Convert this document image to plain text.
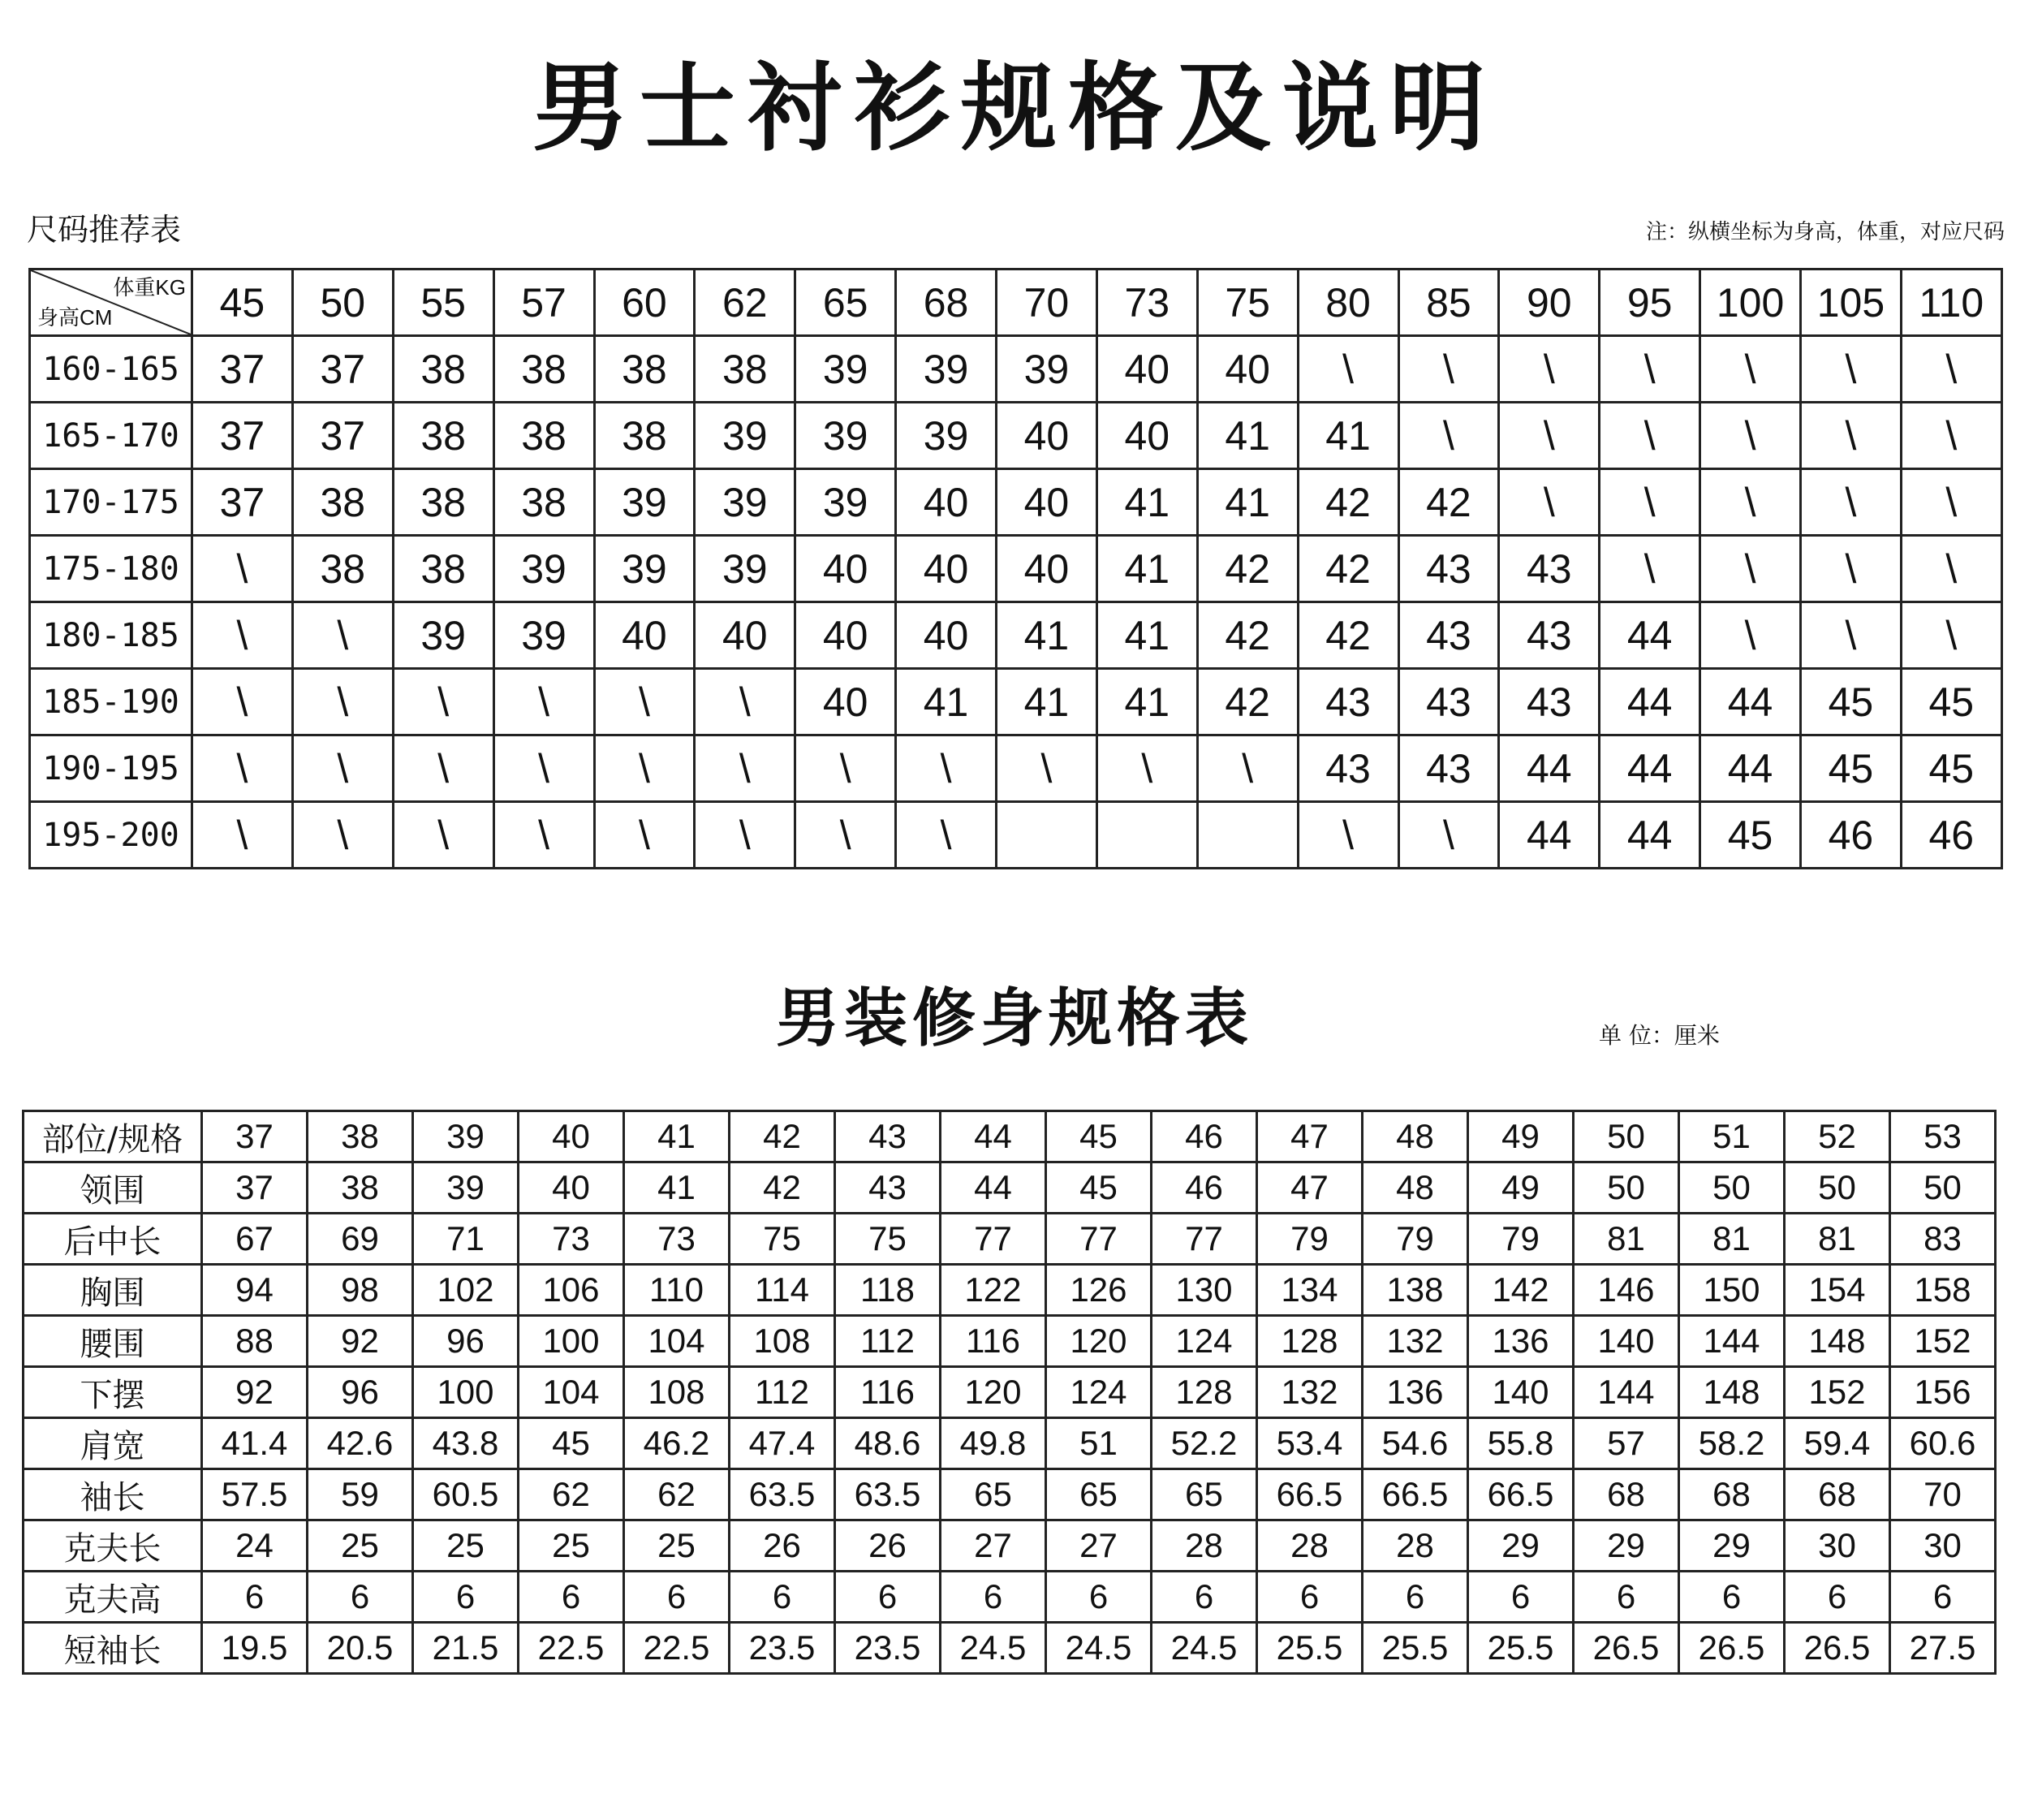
男士衬衫规格及说明
尺码推荐表	注：纵横坐标为身高，体重，对应尺码
体重KG
身高CM	45	50	55	57	60	62	65	68	70	73	75	80	85	90	95	100	105	110
160-165	37	37	38	38	38	38	39	39	39	40	40	\	\	\	\	\	\	\
165-170	37	37	38	38	38	39	39	39	40	40	41	41	\	\	\	\	\	\
170-175	37	38	38	38	39	39	39	40	40	41	41	42	42	\	\	\	\	\
175-180	\	38	38	39	39	39	40	40	40	41	42	42	43	43	\	\	\	\
180-185	\	\	39	39	40	40	40	40	41	41	42	42	43	43	44	\	\	\
185-190	\	\	\	\	\	\	40	41	41	41	42	43	43	43	44	44	45	45
190-195	\	\	\	\	\	\	\	\	\	\	\	43	43	44	44	44	45	45
195-200	\	\	\	\	\	\	\	\				\	\	44	44	45	46	46
男装修身规格表	单 位：厘米
部位/规格	37	38	39	40	41	42	43	44	45	46	47	48	49	50	51	52	53
领围	37	38	39	40	41	42	43	44	45	46	47	48	49	50	50	50	50
后中长	67	69	71	73	73	75	75	77	77	77	79	79	79	81	81	81	83
胸围	94	98	102	106	110	114	118	122	126	130	134	138	142	146	150	154	158
腰围	88	92	96	100	104	108	112	116	120	124	128	132	136	140	144	148	152
下摆	92	96	100	104	108	112	116	120	124	128	132	136	140	144	148	152	156
肩宽	41.4	42.6	43.8	45	46.2	47.4	48.6	49.8	51	52.2	53.4	54.6	55.8	57	58.2	59.4	60.6
袖长	57.5	59	60.5	62	62	63.5	63.5	65	65	65	66.5	66.5	66.5	68	68	68	70
克夫长	24	25	25	25	25	26	26	27	27	28	28	28	29	29	29	30	30
克夫高	6	6	6	6	6	6	6	6	6	6	6	6	6	6	6	6	6
短袖长	19.5	20.5	21.5	22.5	22.5	23.5	23.5	24.5	24.5	24.5	25.5	25.5	25.5	26.5	26.5	26.5	27.5
